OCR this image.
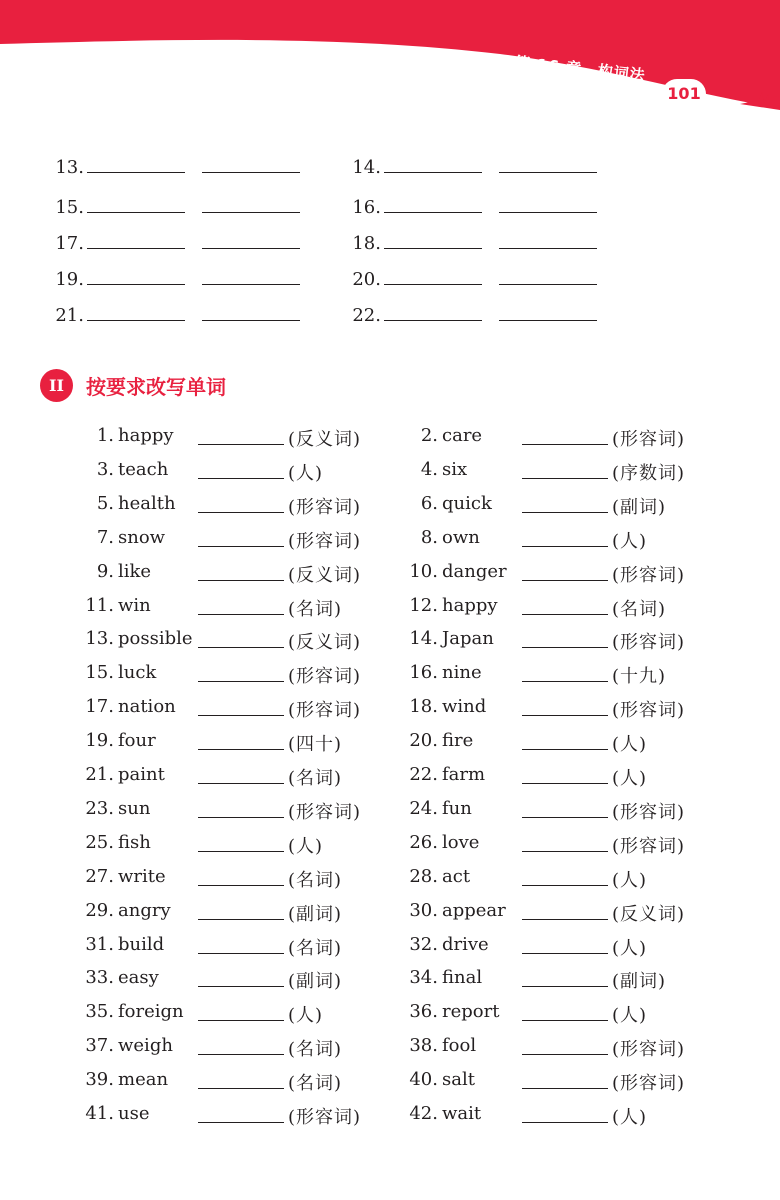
第 16 章　构词法
101
13.	14.
15.	16.
17.	18.
19.	20.
21.	22.
II	按要求改写单词
1. happy	(反义词)	2. care	(形容词)
3. teach	(人)	4. six	(序数词)
5. health	(形容词)	6. quick	(副词)
7. snow	(形容词)	8. own	(人)
9. like	(反义词)	10. danger	(形容词)
11. win	(名词)	12. happy	(名词)
13. possible	(反义词)	14. Japan	(形容词)
15. luck	(形容词)	16. nine	(十九)
17. nation	(形容词)	18. wind	(形容词)
19. four	(四十)	20. fire	(人)
21. paint	(名词)	22. farm	(人)
23. sun	(形容词)	24. fun	(形容词)
25. fish	(人)	26. love	(形容词)
27. write	(名词)	28. act	(人)
29. angry	(副词)	30. appear	(反义词)
31. build	(名词)	32. drive	(人)
33. easy	(副词)	34. final	(副词)
35. foreign	(人)	36. report	(人)
37. weigh	(名词)	38. fool	(形容词)
39. mean	(名词)	40. salt	(形容词)
41. use	(形容词)	42. wait	(人)
